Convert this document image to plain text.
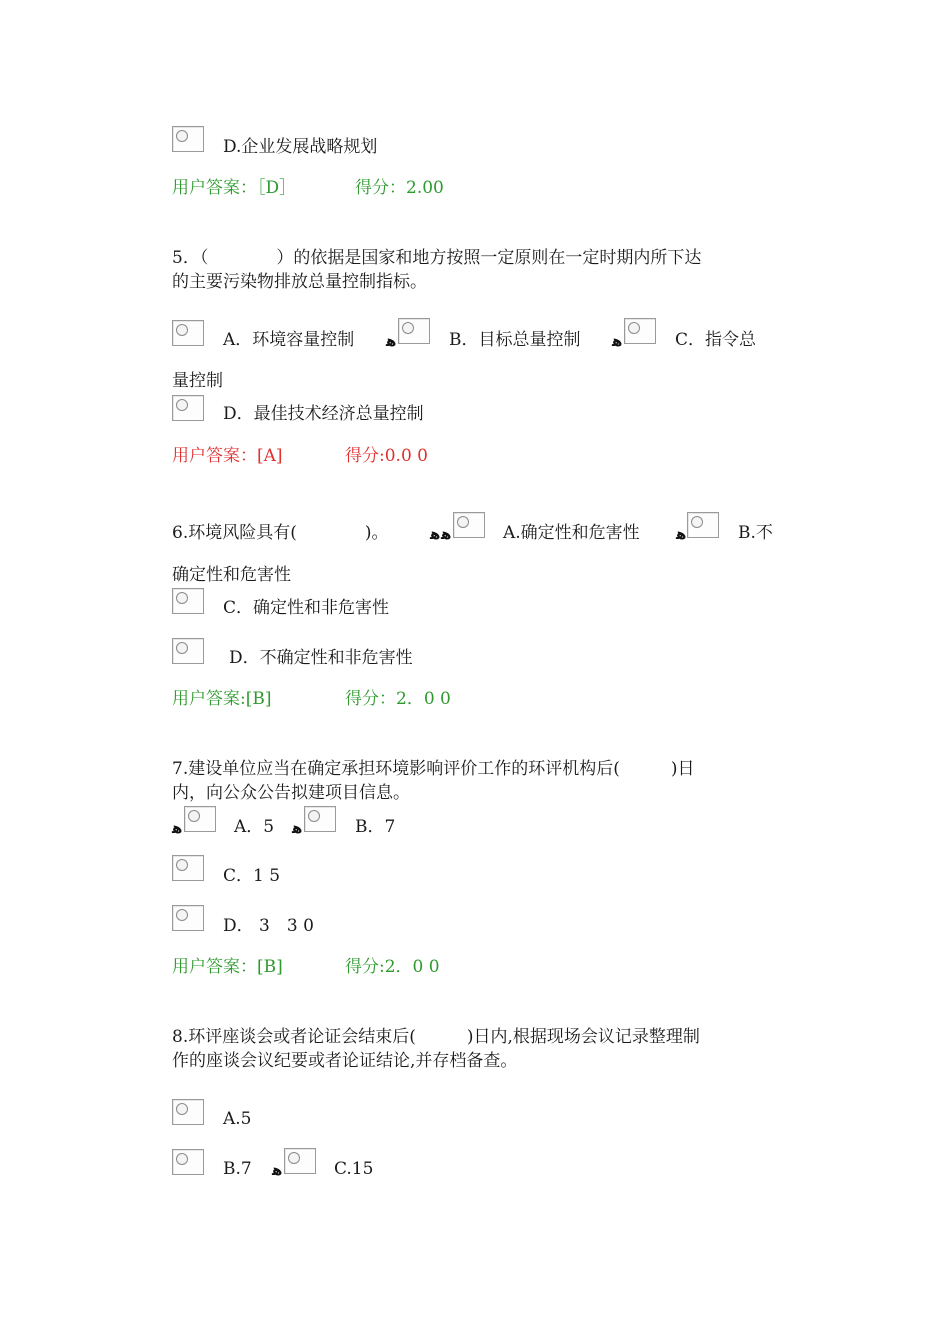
D.企业发展战略规划
用户答案：［D］	得分：2.00
5．（　　　　）的依据是国家和地方按照一定原则在一定时期内所下达
的主要污染物排放总量控制指标。
A．环境容量控制 ﻫ	B．目标总量控制 ﻫ	C．指令总
量控制
D．最佳技术经济总量控制
用户答案：[A]	得分:0.0 0
6.环境风险具有(　　　　)。	ﻫ ﻫ	A.确定性和危害性 ﻫ	B.不
确定性和危害性
C．确定性和非危害性
D．不确定性和非危害性
用户答案:[B]	得分：2．0 0
7.建设单位应当在确定承担环境影响评价工作的环评机构后(　　　)日
内，向公众公告拟建项目信息。
ﻫ	A．5 ﻫ	B．7
C．1 5
D． 3　3 0
用户答案：[B]	得分:2．0 0
8.环评座谈会或者论证会结束后(　　　)日内,根据现场会议记录整理制
作的座谈会议纪要或者论证结论,并存档备查。
A.5
B.7 ﻫ	C.15
